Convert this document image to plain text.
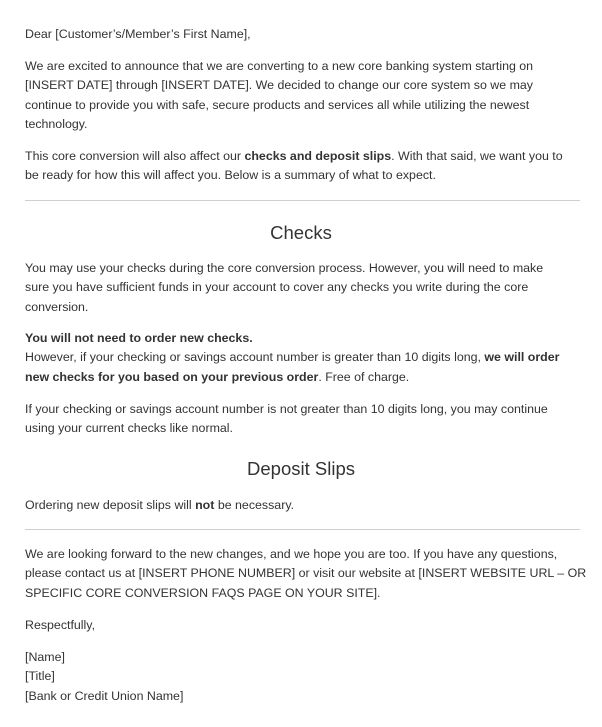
Dear [Customer’s/Member’s First Name],

We are excited to announce that we are converting to a new core banking system starting on
[INSERT DATE] through [INSERT DATE]. We decided to change our core system so we may
continue to provide you with safe, secure products and services all while utilizing the newest
technology.

This core conversion will also affect our checks and deposit slips. With that said, we want you to
be ready for how this will affect you. Below is a summary of what to expect.

Checks

You may use your checks during the core conversion process. However, you will need to make
sure you have sufficient funds in your account to cover any checks you write during the core
conversion.

You will not need to order new checks.
However, if your checking or savings account number is greater than 10 digits long, we will order
new checks for you based on your previous order. Free of charge.

If your checking or savings account number is not greater than 10 digits long, you may continue
using your current checks like normal.

Deposit Slips

Ordering new deposit slips will not be necessary.

We are looking forward to the new changes, and we hope you are too. If you have any questions,
please contact us at [INSERT PHONE NUMBER] or visit our website at [INSERT WEBSITE URL – OR
SPECIFIC CORE CONVERSION FAQS PAGE ON YOUR SITE].

Respectfully,

[Name]
[Title]
[Bank or Credit Union Name]
